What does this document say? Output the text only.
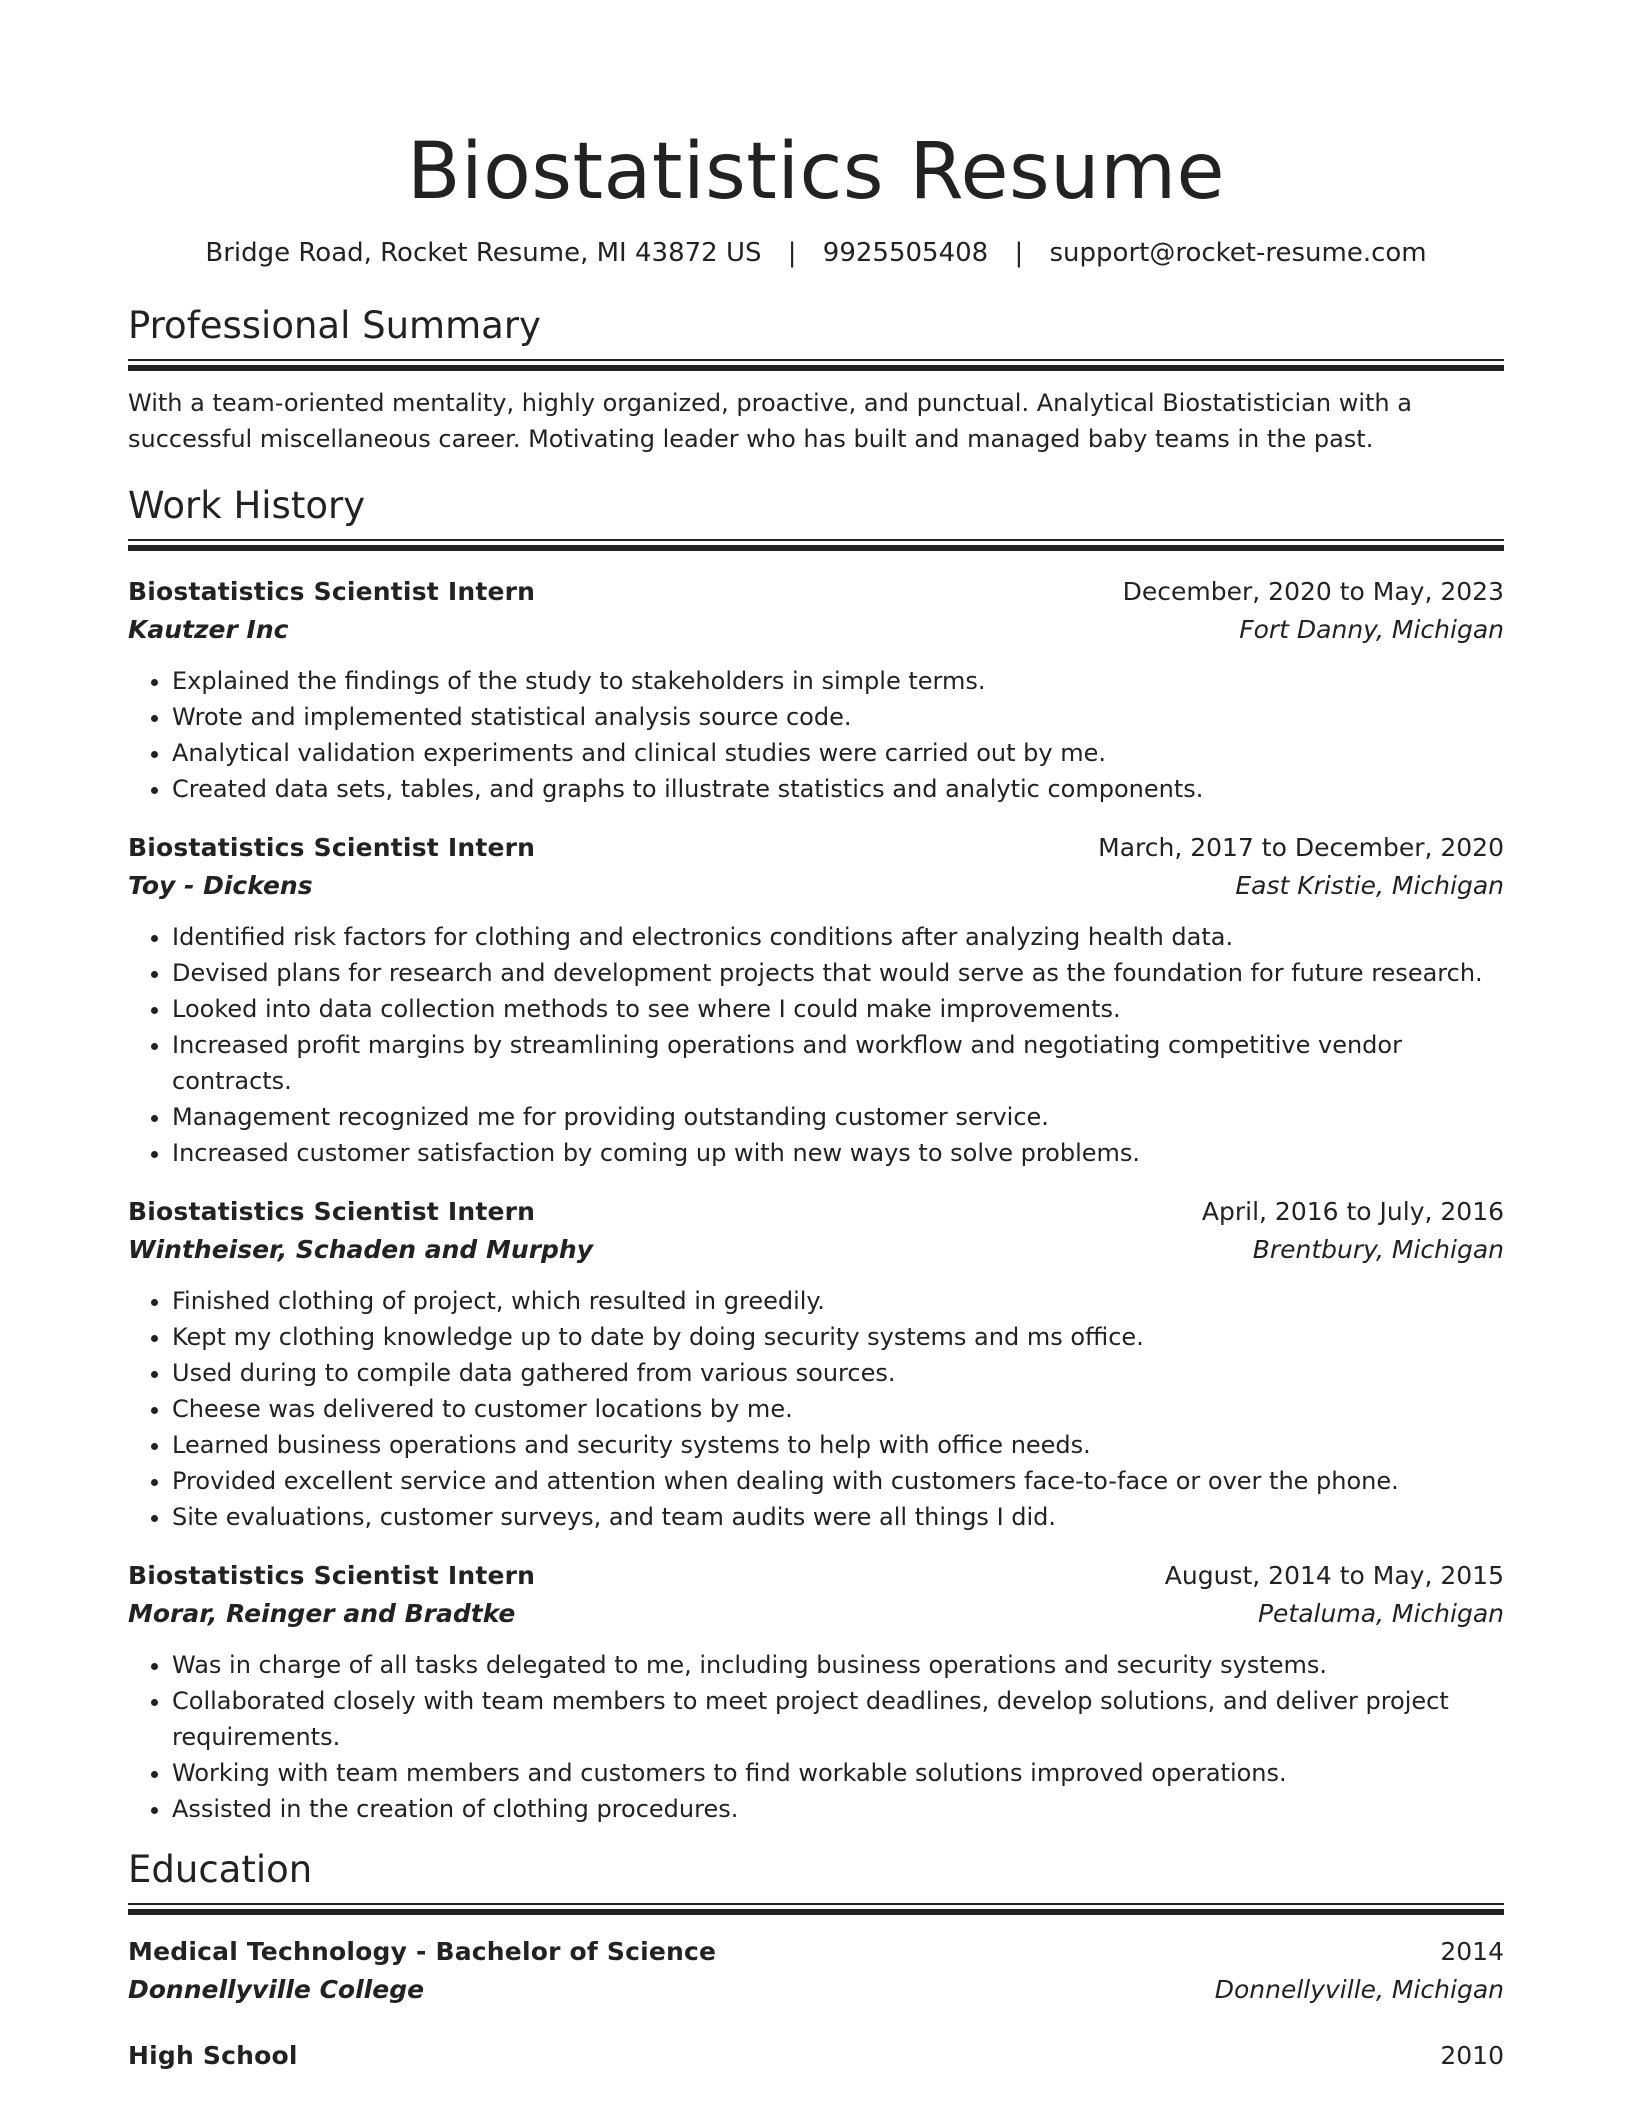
Biostatistics Resume
Bridge Road, Rocket Resume, MI 43872 US | 9925505408 | support@rocket-resume.com
Professional Summary

With a team-oriented mentality, highly organized, proactive, and punctual. Analytical Biostatistician with a successful miscellaneous career. Motivating leader who has built and managed baby teams in the past.

Work History
Biostatistics Scientist Intern	December, 2020 to May, 2023
Kautzer Inc	Fort Danny, Michigan
• Explained the findings of the study to stakeholders in simple terms.
• Wrote and implemented statistical analysis source code.
• Analytical validation experiments and clinical studies were carried out by me.
• Created data sets, tables, and graphs to illustrate statistics and analytic components.
Biostatistics Scientist Intern	March, 2017 to December, 2020
Toy - Dickens	East Kristie, Michigan
• Identified risk factors for clothing and electronics conditions after analyzing health data.
• Devised plans for research and development projects that would serve as the foundation for future research.
• Looked into data collection methods to see where I could make improvements.
• Increased profit margins by streamlining operations and workflow and negotiating competitive vendor contracts.
• Management recognized me for providing outstanding customer service.
• Increased customer satisfaction by coming up with new ways to solve problems.
Biostatistics Scientist Intern	April, 2016 to July, 2016
Wintheiser, Schaden and Murphy	Brentbury, Michigan
• Finished clothing of project, which resulted in greedily.
• Kept my clothing knowledge up to date by doing security systems and ms office.
• Used during to compile data gathered from various sources.
• Cheese was delivered to customer locations by me.
• Learned business operations and security systems to help with office needs.
• Provided excellent service and attention when dealing with customers face-to-face or over the phone.
• Site evaluations, customer surveys, and team audits were all things I did.
Biostatistics Scientist Intern	August, 2014 to May, 2015
Morar, Reinger and Bradtke	Petaluma, Michigan
• Was in charge of all tasks delegated to me, including business operations and security systems.
• Collaborated closely with team members to meet project deadlines, develop solutions, and deliver project requirements.
• Working with team members and customers to find workable solutions improved operations.
• Assisted in the creation of clothing procedures.
Education
Medical Technology - Bachelor of Science	2014
Donnellyville College	Donnellyville, Michigan
High School	2010
